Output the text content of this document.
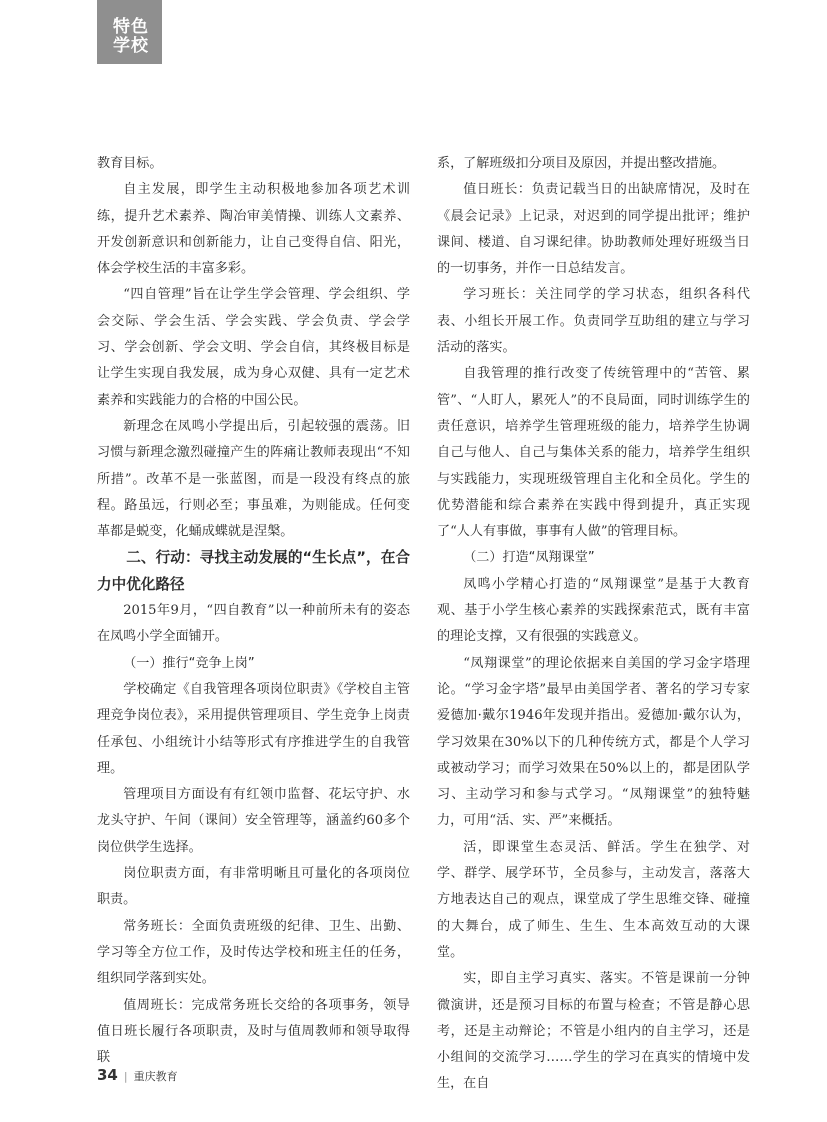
特色
学校

教育目标。

自主发展，即学生主动积极地参加各项艺术训练，提升艺术素养、陶冶审美情操、训练人文素养、开发创新意识和创新能力，让自己变得自信、阳光，体会学校生活的丰富多彩。

“四自管理”旨在让学生学会管理、学会组织、学会交际、学会生活、学会实践、学会负责、学会学习、学会创新、学会文明、学会自信，其终极目标是让学生实现自我发展，成为身心双健、具有一定艺术素养和实践能力的合格的中国公民。

新理念在凤鸣小学提出后，引起较强的震荡。旧习惯与新理念激烈碰撞产生的阵痛让教师表现出“不知所措”。改革不是一张蓝图，而是一段没有终点的旅程。路虽远，行则必至；事虽难，为则能成。任何变革都是蜕变，化蛹成蝶就是涅槃。

二、行动：寻找主动发展的“生长点”，在合力中优化路径

2015年9月，“四自教育”以一种前所未有的姿态在凤鸣小学全面铺开。

（一）推行“竞争上岗”

学校确定《自我管理各项岗位职责》《学校自主管理竞争岗位表》，采用提供管理项目、学生竞争上岗责任承包、小组统计小结等形式有序推进学生的自我管理。

管理项目方面设有有红领巾监督、花坛守护、水龙头守护、午间（课间）安全管理等，涵盖约60多个岗位供学生选择。

岗位职责方面，有非常明晰且可量化的各项岗位职责。

常务班长：全面负责班级的纪律、卫生、出勤、学习等全方位工作，及时传达学校和班主任的任务，组织同学落到实处。

值周班长：完成常务班长交给的各项事务，领导值日班长履行各项职责，及时与值周教师和领导取得联

系，了解班级扣分项目及原因，并提出整改措施。

值日班长：负责记载当日的出缺席情况，及时在《晨会记录》上记录，对迟到的同学提出批评；维护课间、楼道、自习课纪律。协助教师处理好班级当日的一切事务，并作一日总结发言。

学习班长：关注同学的学习状态，组织各科代表、小组长开展工作。负责同学互助组的建立与学习活动的落实。

自我管理的推行改变了传统管理中的“苦管、累管”、“人盯人，累死人”的不良局面，同时训练学生的责任意识，培养学生管理班级的能力，培养学生协调自己与他人、自己与集体关系的能力，培养学生组织与实践能力，实现班级管理自主化和全员化。学生的优势潜能和综合素养在实践中得到提升，真正实现了“人人有事做，事事有人做”的管理目标。

（二）打造“凤翔课堂”

凤鸣小学精心打造的“凤翔课堂”是基于大教育观、基于小学生核心素养的实践探索范式，既有丰富的理论支撑，又有很强的实践意义。

“凤翔课堂”的理论依据来自美国的学习金字塔理论。“学习金字塔”最早由美国学者、著名的学习专家爱德加·戴尔1946年发现并指出。爱德加·戴尔认为，学习效果在30%以下的几种传统方式，都是个人学习或被动学习；而学习效果在50%以上的，都是团队学习、主动学习和参与式学习。“凤翔课堂”的独特魅力，可用“活、实、严”来概括。

活，即课堂生态灵活、鲜活。学生在独学、对学、群学、展学环节，全员参与，主动发言，落落大方地表达自己的观点，课堂成了学生思维交锋、碰撞的大舞台，成了师生、生生、生本高效互动的大课堂。

实，即自主学习真实、落实。不管是课前一分钟微演讲，还是预习目标的布置与检查；不管是静心思考，还是主动辩论；不管是小组内的自主学习，还是小组间的交流学习……学生的学习在真实的情境中发生，在自

34 | 重庆教育
